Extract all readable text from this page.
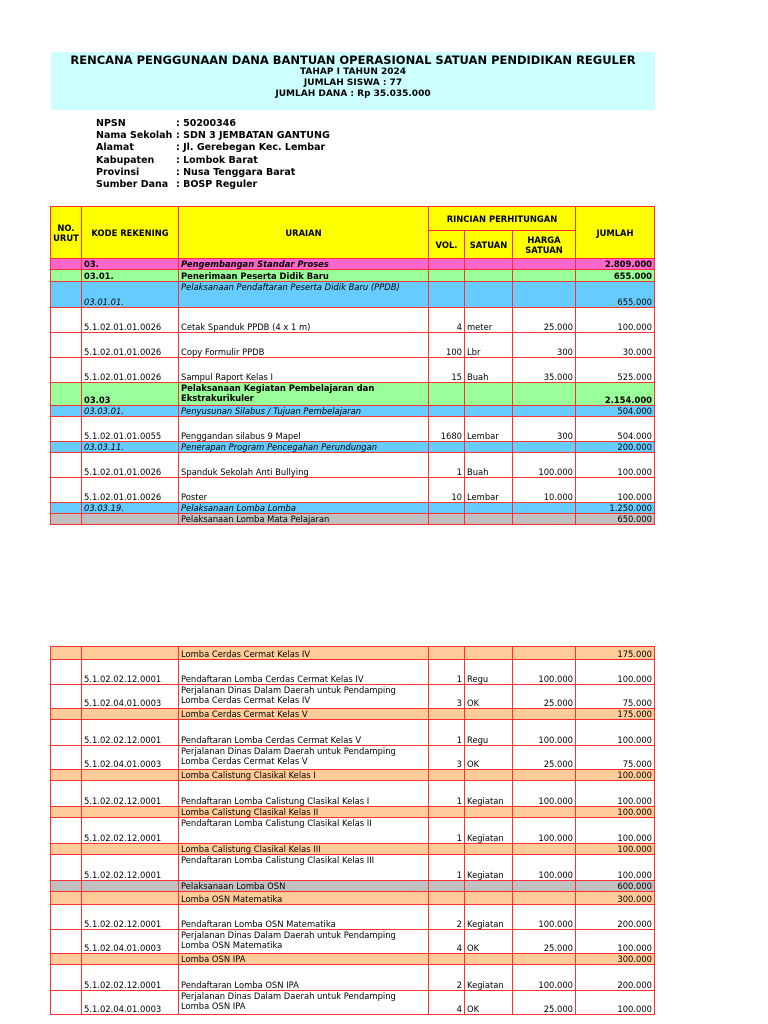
RENCANA PENGGUNAAN DANA BANTUAN OPERASIONAL SATUAN PENDIDIKAN REGULER
TAHAP I TAHUN 2024
JUMLAH SISWA : 77
JUMLAH DANA : Rp 35.035.000
NPSN	: 50200346
Nama Sekolah : SDN 3 JEMBATAN GANTUNG
Alamat	: Jl. Gerebegan Kec. Lembar
Kabupaten	: Lombok Barat
Provinsi	: Nusa Tenggara Barat
Sumber Dana : BOSP Reguler
NO. URUT	KODE REKENING	URAIAN	RINCIAN PERHITUNGAN			JUMLAH
			VOL.	SATUAN	HARGA SATUAN	
	03.	Pengembangan Standar Proses				2.809.000
	03.01.	Penerimaan Peserta Didik Baru				655.000
	03.01.01.	Pelaksanaan Pendaftaran Peserta Didik Baru (PPDB)				655.000
	5.1.02.01.01.0026	Cetak Spanduk PPDB (4 x 1 m)	4	meter	25.000	100.000
	5.1.02.01.01.0026	Copy Formulir PPDB	100	Lbr	300	30.000
	5.1.02.01.01.0026	Sampul Raport Kelas I	15	Buah	35.000	525.000
	03.03	Pelaksanaan Kegiatan Pembelajaran dan Ekstrakurikuler				2.154.000
	03.03.01.	Penyusunan Silabus / Tujuan Pembelajaran				504.000
	5.1.02.01.01.0055	Penggandan silabus 9 Mapel	1680	Lembar	300	504.000
	03.03.11.	Penerapan Program Pencegahan Perundungan				200.000
	5.1.02.01.01.0026	Spanduk Sekolah Anti Bullying	1	Buah	100.000	100.000
	5.1.02.01.01.0026	Poster	10	Lembar	10.000	100.000
	03.03.19.	Pelaksanaan Lomba Lomba				1.250.000
		Pelaksanaan Lomba Mata Pelajaran				650.000
		Lomba Cerdas Cermat Kelas IV				175.000
	5.1.02.02.12.0001	Pendaftaran Lomba Cerdas Cermat Kelas IV	1	Regu	100.000	100.000
	5.1.02.04.01.0003	Perjalanan Dinas Dalam Daerah untuk Pendamping Lomba Cerdas Cermat Kelas IV	3	OK	25.000	75.000
		Lomba Cerdas Cermat Kelas V				175.000
	5.1.02.02.12.0001	Pendaftaran Lomba Cerdas Cermat Kelas V	1	Regu	100.000	100.000
	5.1.02.04.01.0003	Perjalanan Dinas Dalam Daerah untuk Pendamping Lomba Cerdas Cermat Kelas V	3	OK	25.000	75.000
		Lomba Calistung Clasikal Kelas I				100.000
	5.1.02.02.12.0001	Pendaftaran Lomba Calistung Clasikal Kelas I	1	Kegiatan	100.000	100.000
		Lomba Calistung Clasikal Kelas II				100.000
	5.1.02.02.12.0001	Pendaftaran Lomba Calistung Clasikal Kelas II	1	Kegiatan	100.000	100.000
		Lomba Calistung Clasikal Kelas III				100.000
	5.1.02.02.12.0001	Pendaftaran Lomba Calistung Clasikal Kelas III	1	Kegiatan	100.000	100.000
		Pelaksanaan Lomba OSN				600.000
		Lomba OSN Matematika				300.000
	5.1.02.02.12.0001	Pendaftaran Lomba OSN Matematika	2	Kegiatan	100.000	200.000
	5.1.02.04.01.0003	Perjalanan Dinas Dalam Daerah untuk Pendamping Lomba OSN Matematika	4	OK	25.000	100.000
		Lomba OSN IPA				300.000
	5.1.02.02.12.0001	Pendaftaran Lomba OSN IPA	2	Kegiatan	100.000	200.000
	5.1.02.04.01.0003	Perjalanan Dinas Dalam Daerah untuk Pendamping Lomba OSN IPA	4	OK	25.000	100.000
